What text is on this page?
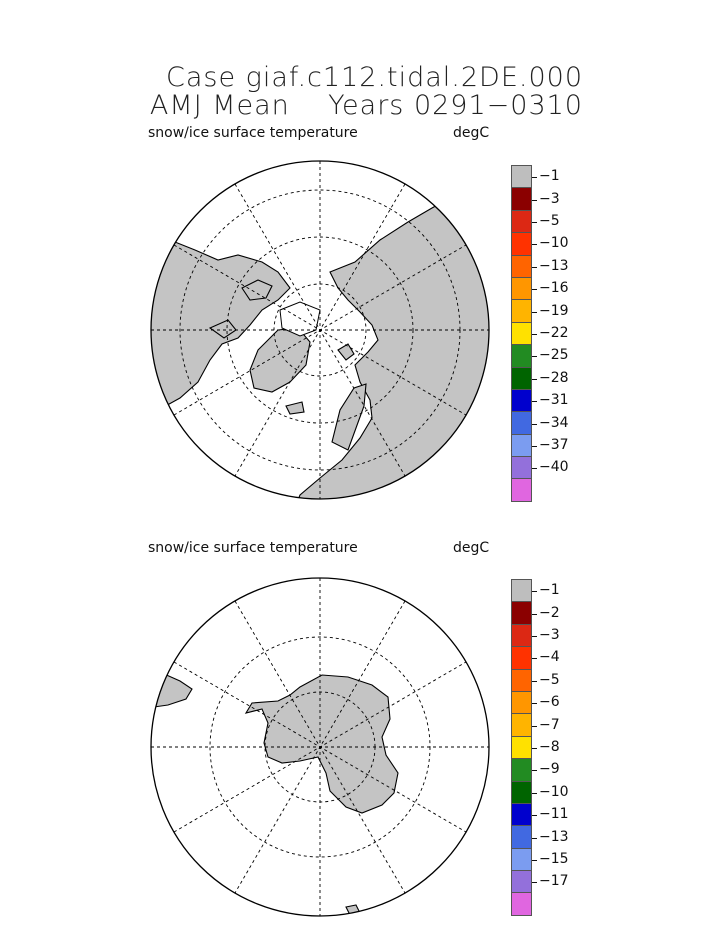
Case giaf.c112.tidal.2DE.000
AMJ Mean    Years 0291−0310
snow/ice surface temperature	degC
−1
−3
−5
−10
−13
−16
−19
−22
−25
−28
−31
−34
−37
−40
snow/ice surface temperature	degC
−1
−2
−3
−4
−5
−6
−7
−8
−9
−10
−11
−13
−15
−17
